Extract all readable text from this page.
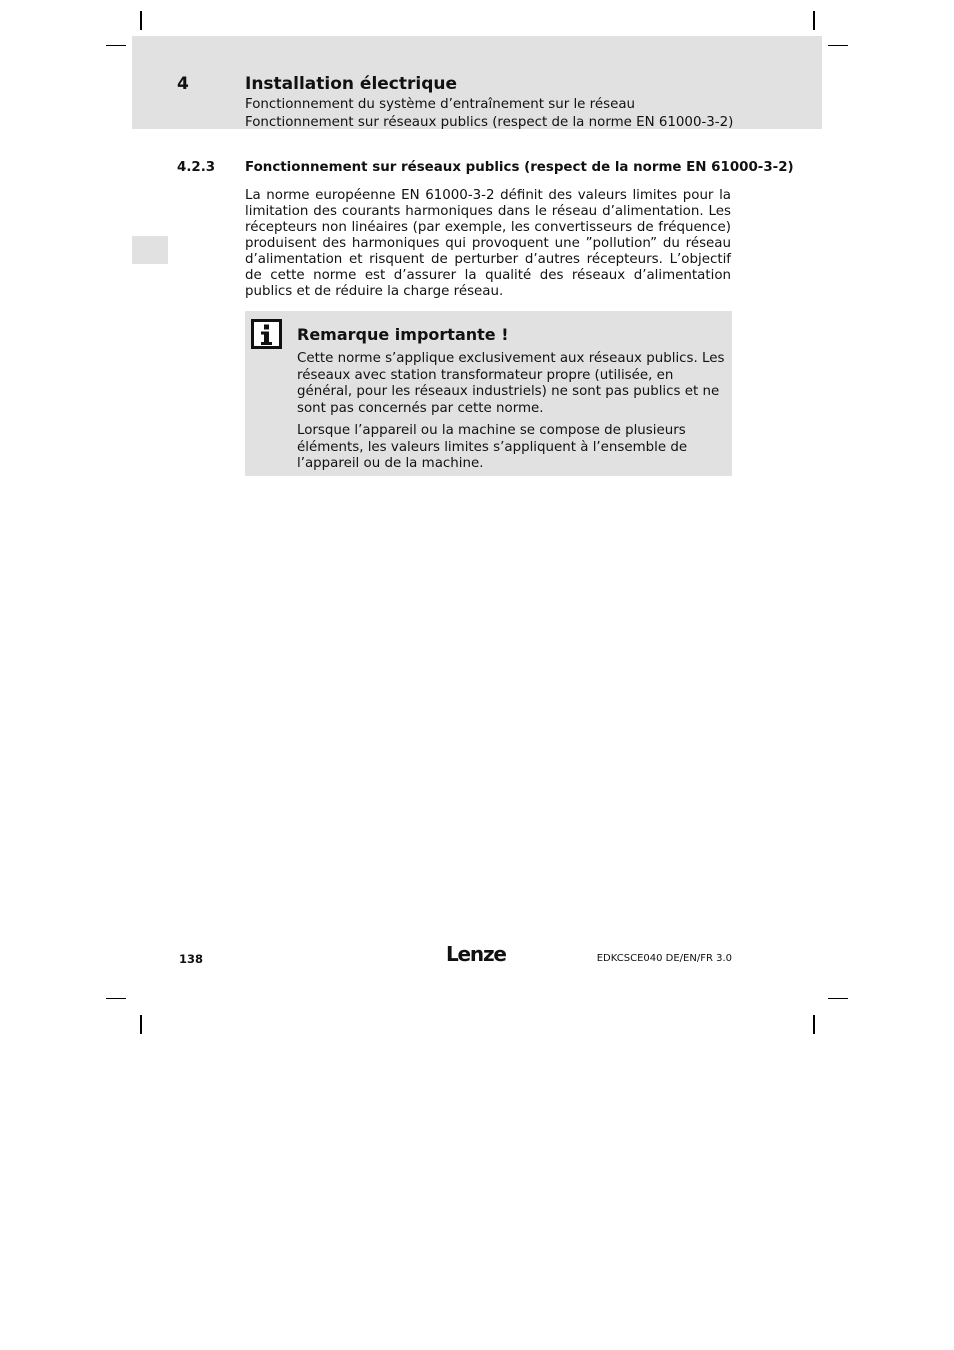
4	Installation électrique
Fonctionnement du système d’entraînement sur le réseau
Fonctionnement sur réseaux publics (respect de la norme EN 61000-3-2)
4.2.3 Fonctionnement sur réseaux publics (respect de la norme EN 61000-3-2)

La norme européenne EN 61000-3-2 définit des valeurs limites pour la limitation des courants harmoniques dans le réseau d’alimentation. Les récepteurs non linéaires (par exemple, les convertisseurs de fréquence) produisent des harmoniques qui provoquent une ”pollution” du réseau d’alimentation et risquent de perturber d’autres récepteurs. L’objectif de cette norme est d’assurer la qualité des réseaux d’alimentation publics et de réduire la charge réseau.

Remarque importante !

Cette norme s’applique exclusivement aux réseaux publics. Les réseaux avec station transformateur propre (utilisée, en général, pour les réseaux industriels) ne sont pas publics et ne sont pas concernés par cette norme.

Lorsque l’appareil ou la machine se compose de plusieurs éléments, les valeurs limites s’appliquent à l’ensemble de l’appareil ou de la machine.

138	Lenze	EDKCSCE040 DE/EN/FR 3.0
